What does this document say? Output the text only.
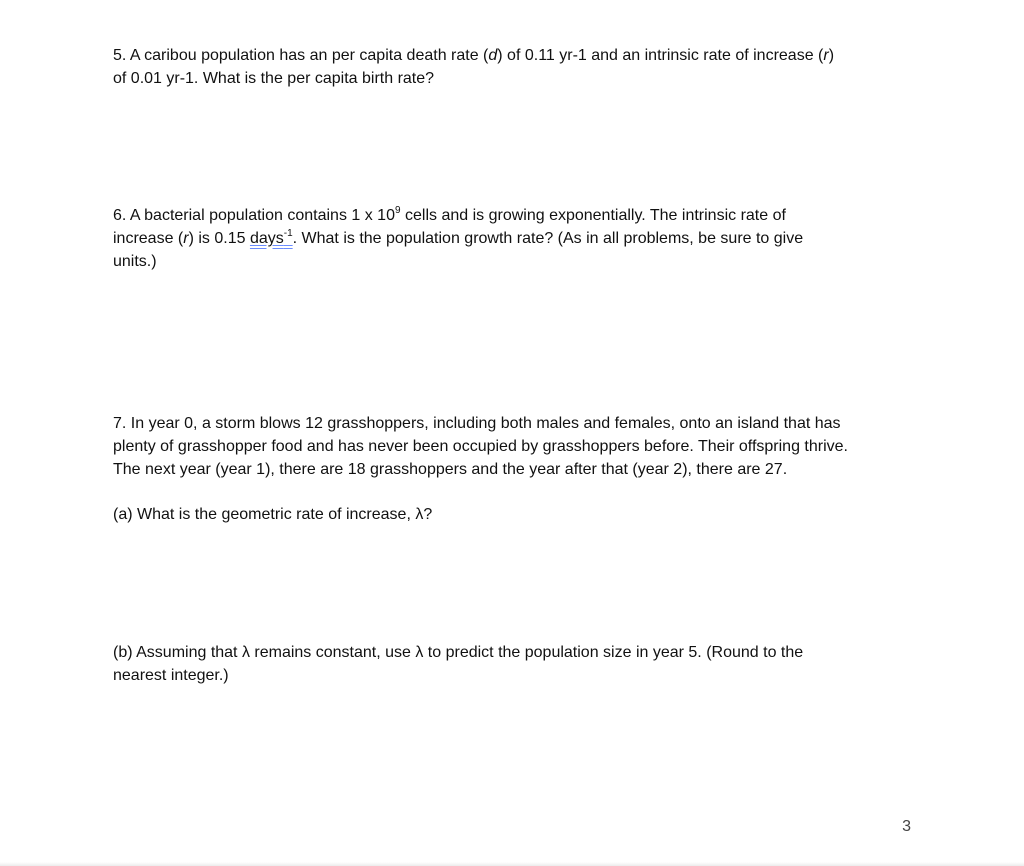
5. A caribou population has an per capita death rate (d) of 0.11 yr-1 and an intrinsic rate of increase (r)
of 0.01 yr-1. What is the per capita birth rate?
6. A bacterial population contains 1 x $10^9$ cells and is growing exponentially. The intrinsic rate of
increase (r) is 0.15 days$^{-1}$. What is the population growth rate? (As in all problems, be sure to give
units.)
7. In year 0, a storm blows 12 grasshoppers, including both males and females, onto an island that has
plenty of grasshopper food and has never been occupied by grasshoppers before. Their offspring thrive.
The next year (year 1), there are 18 grasshoppers and the year after that (year 2), there are 27.
(a) What is the geometric rate of increase, λ?
(b) Assuming that λ remains constant, use λ to predict the population size in year 5. (Round to the
nearest integer.)
3
